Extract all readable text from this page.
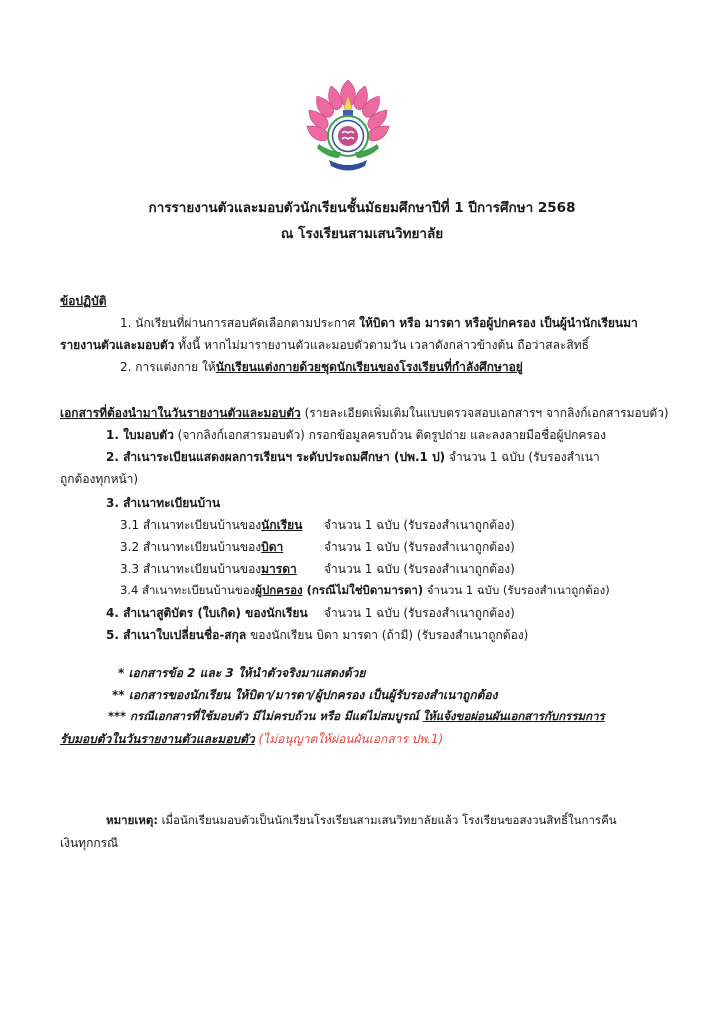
การรายงานตัวและมอบตัวนักเรียนชั้นมัธยมศึกษาปีที่ 1 ปีการศึกษา 2568
ณ โรงเรียนสามเสนวิทยาลัย
ข้อปฏิบัติ
1. นักเรียนที่ผ่านการสอบคัดเลือกตามประกาศ ให้บิดา หรือ มารดา หรือผู้ปกครอง เป็นผู้นำนักเรียนมา
รายงานตัวและมอบตัว ทั้งนี้ หากไม่มารายงานตัวและมอบตัวตามวัน เวลาดังกล่าวข้างต้น ถือว่าสละสิทธิ์
2. การแต่งกาย ให้นักเรียนแต่งกายด้วยชุดนักเรียนของโรงเรียนที่กำลังศึกษาอยู่
เอกสารที่ต้องนำมาในวันรายงานตัวและมอบตัว (รายละเอียดเพิ่มเติมในแบบตรวจสอบเอกสารฯ จากลิงก์เอกสารมอบตัว)
1. ใบมอบตัว (จากลิงก์เอกสารมอบตัว) กรอกข้อมูลครบถ้วน ติดรูปถ่าย และลงลายมือชื่อผู้ปกครอง
2. สำเนาระเบียนแสดงผลการเรียนฯ ระดับประถมศึกษา (ปพ.1 ป) จำนวน 1 ฉบับ (รับรองสำเนา
ถูกต้องทุกหน้า)
3. สำเนาทะเบียนบ้าน
3.1 สำเนาทะเบียนบ้านของนักเรียน จำนวน 1 ฉบับ (รับรองสำเนาถูกต้อง)
3.2 สำเนาทะเบียนบ้านของบิดา	จำนวน 1 ฉบับ (รับรองสำเนาถูกต้อง)
3.3 สำเนาทะเบียนบ้านของมารดา จำนวน 1 ฉบับ (รับรองสำเนาถูกต้อง)
3.4 สำเนาทะเบียนบ้านของผู้ปกครอง (กรณีไม่ใช่บิดามารดา) จำนวน 1 ฉบับ (รับรองสำเนาถูกต้อง)
4. สำเนาสูติบัตร (ใบเกิด) ของนักเรียน จำนวน 1 ฉบับ (รับรองสำเนาถูกต้อง)
5. สำเนาใบเปลี่ยนชื่อ-สกุล ของนักเรียน บิดา มารดา (ถ้ามี) (รับรองสำเนาถูกต้อง)
* เอกสารข้อ 2 และ 3 ให้นำตัวจริงมาแสดงด้วย
** เอกสารของนักเรียน ให้บิดา/มารดา/ผู้ปกครอง เป็นผู้รับรองสำเนาถูกต้อง
*** กรณีเอกสารที่ใช้มอบตัว มีไม่ครบถ้วน หรือ มีแต่ไม่สมบูรณ์ ให้แจ้งขอผ่อนผันเอกสารกับกรรมการ
รับมอบตัวในวันรายงานตัวและมอบตัว (ไม่อนุญาตให้ผ่อนผันเอกสาร ปพ.1)
หมายเหตุ: เมื่อนักเรียนมอบตัวเป็นนักเรียนโรงเรียนสามเสนวิทยาลัยแล้ว โรงเรียนขอสงวนสิทธิ์ในการคืน
เงินทุกกรณี
